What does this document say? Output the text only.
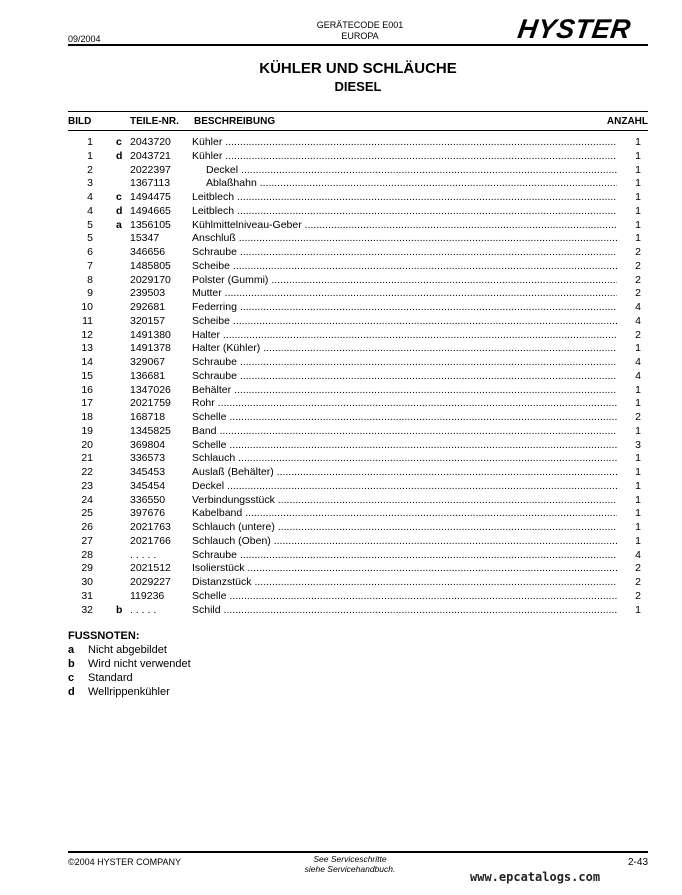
09/2004
GERÄTECODE E001
EUROPA	HYSTER
KÜHLER UND SCHLÄUCHE
DIESEL
BILD	TEILE-NR. BESCHREIBUNG	ANZAHL
1 c 2043720 Kühler .....	1
1 d 2043721 Kühler .....	1
2	2022397	Deckel .....	1
3	1367113	Ablaßhahn .....	1
4 c 1494475 Leitblech .....	1
4 d 1494665 Leitblech .....	1
5 a 1356105 Kühlmittelniveau-Geber .....	1
5	15347	Anschluß .....	1
6	346656	Schraube .....	2
7	1485805 Scheibe .....	2
8	2029170 Polster (Gummi) .....	2
9	239503	Mutter .....	2
10	292681	Federring .....	4
11	320157	Scheibe .....	4
12	1491380 Halter .....	2
13	1491378 Halter (Kühler) .....	1
14	329067	Schraube .....	4
15	136681	Schraube .....	4
16	1347026 Behälter .....	1
17	2021759 Rohr .....	1
18	168718	Schelle .....	2
19	1345825 Band .....	1
20	369804	Schelle .....	3
21	336573	Schlauch .....	1
22	345453	Auslaß (Behälter) .....	1
23	345454	Deckel .....	1
24	336550	Verbindungsstück .....	1
25	397676	Kabelband .....	1
26	2021763 Schlauch (untere) .....	1
27	2021766 Schlauch (Oben) .....	1
28	. . . . .	Schraube .....	4
29	2021512 Isolierstück .....	2
30	2029227 Distanzstück .....	2
31	119236	Schelle .....	2
32 b . . . . .	Schild .....	1
FUSSNOTEN:
a Nicht abgebildet
b Wird nicht verwendet
c Standard
d Wellrippenkühler
©2004 HYSTER COMPANY	See Serviceschritte
siehe Servicehandbuch.
2-43
www.epcatalogs.com
